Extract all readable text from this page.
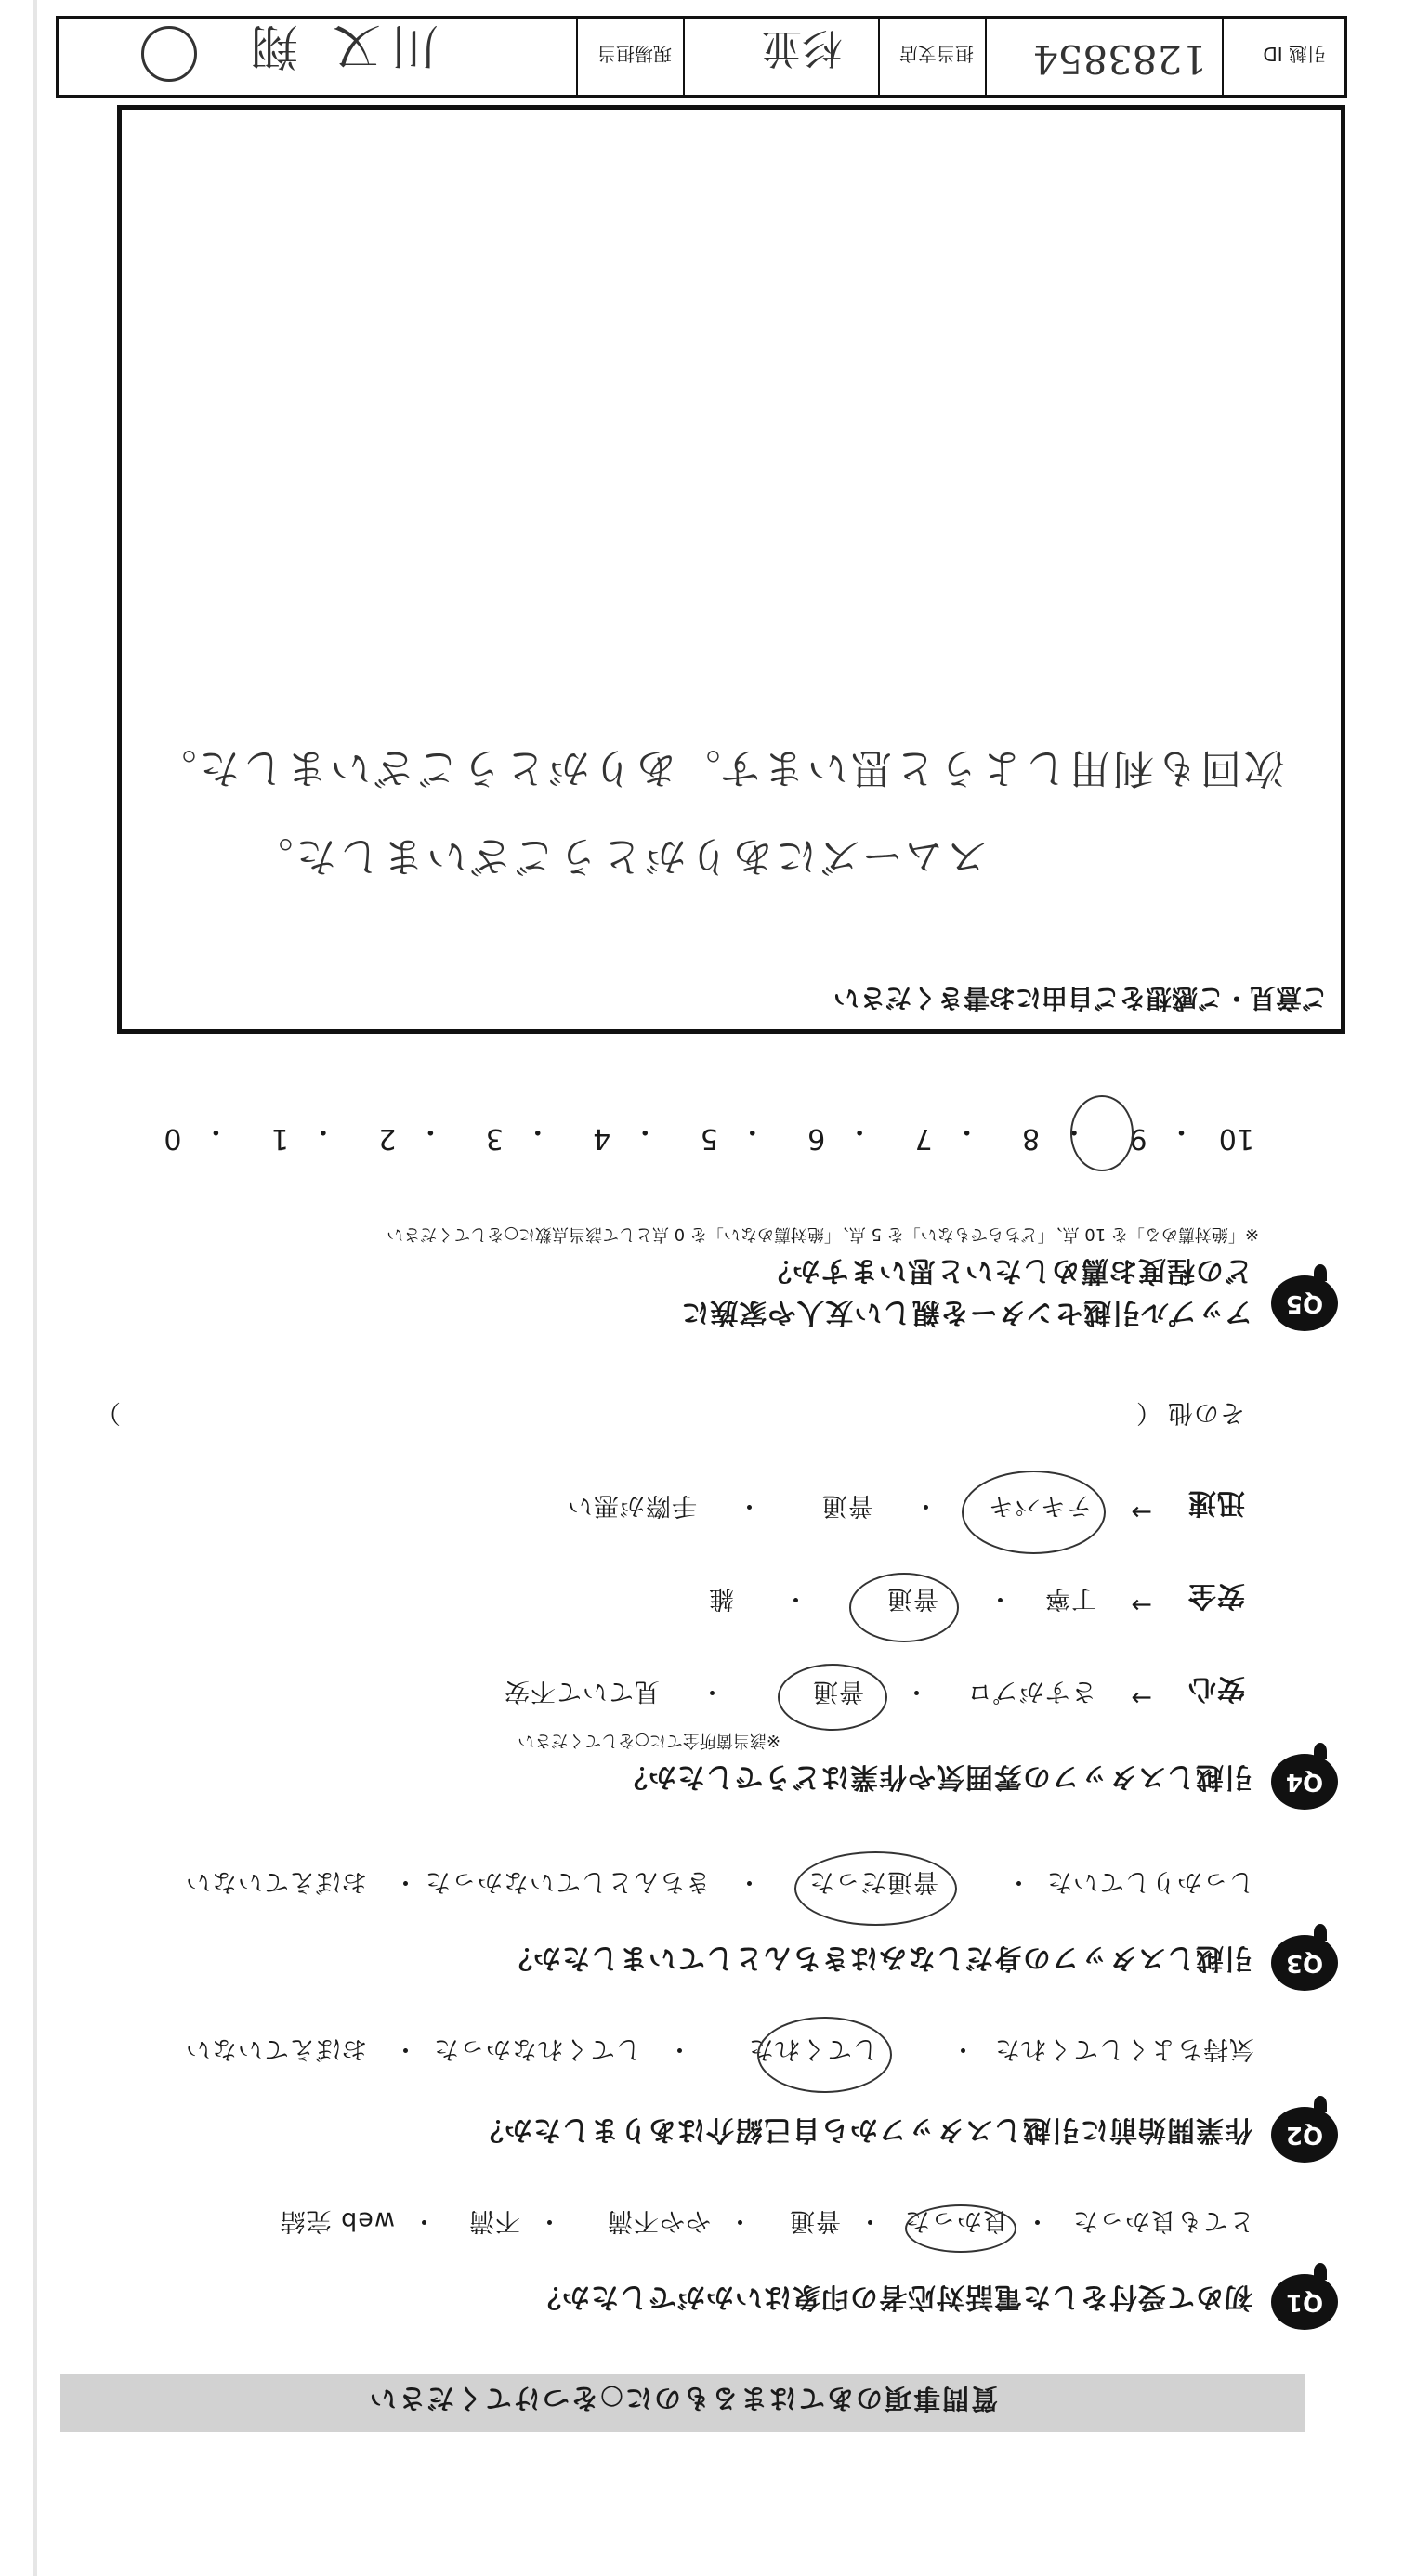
質問事項のあてはまるものに○をつけてください
Q1
初めて受付をした電話対応者の印象はいかがでしたか？
とても良かった
・
良かった
・
普通
・
やや不満
・
不満
・
web 完結
Q2
作業開始前に引越しスタッフから自己紹介はありましたか？
気持ちよくしてくれた
・
してくれた
・
してくれなかった
・
おぼえていない
Q3
引越しスタッフの身だしなみはきちんとしていましたか？
しっかりしていた
・
普通だった
・
きちんとしていなかった
・
おぼえていない
Q4
引越しスタッフの雰囲気や作業はどうでしたか？
※該当箇所全てに○をしてください
安心
→
さすがプロ
・
普通
・
見ていて不安
安全
→
丁寧
・
普通
・
雑
迅速
→
テキパキ
・
普通
・
手際が悪い
その他
（
）
Q5
アップル引越センターを親しい友人や家族に
どの程度お薦めしたいと思いますか？
※「絶対薦める」を 10 点、「どちらでもない」を 5 点、「絶対薦めない」を 0 点として該当点数に○をしてください
10
・
9
・
8
・
7
・
6
・
5
・
4
・
3
・
2
・
1
・
0
ご意見・ご感想をご自由にお書きください
スムーズにありがとうございました。
次回も利用しようと思います。ありがとうございました。
引越 ID
1283854
担当支店
杉並
現場担当
川又 翔
